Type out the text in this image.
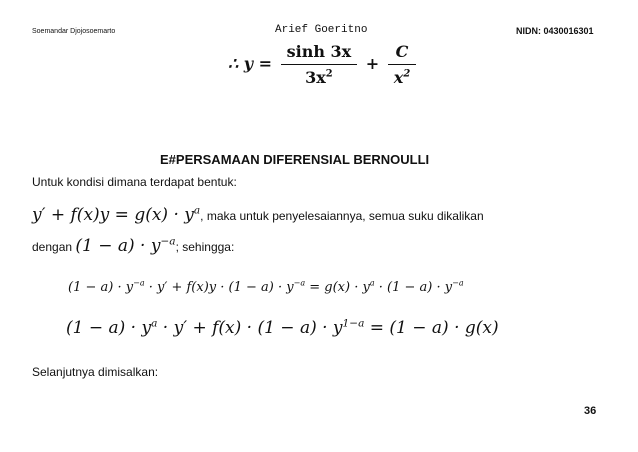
Soemandar Djojosoemarto	Arief Goeritno	NIDN: 0430016301
∴ $y = \frac{\sinh 3x}{3x^2} + \frac{C}{x^2}$
E#PERSAMAAN DIFERENSIAL BERNOULLI
Untuk kondisi dimana terdapat bentuk:
$y' + f(x)y = g(x) \cdot y^a$, maka untuk penyelesaiannya, semua suku dikalikan
dengan $(1 - a) \cdot y^{-a}$; sehingga:
$(1 - a) \cdot y^{-a} \cdot y' + f(x)y \cdot (1 - a) \cdot y^{-a} = g(x) \cdot y^a \cdot (1 - a) \cdot y^{-a}$
$(1 - a) \cdot y^a \cdot y' + f(x) \cdot (1 - a) \cdot y^{1-a} = (1 - a) \cdot g(x)$
Selanjutnya dimisalkan:
36
